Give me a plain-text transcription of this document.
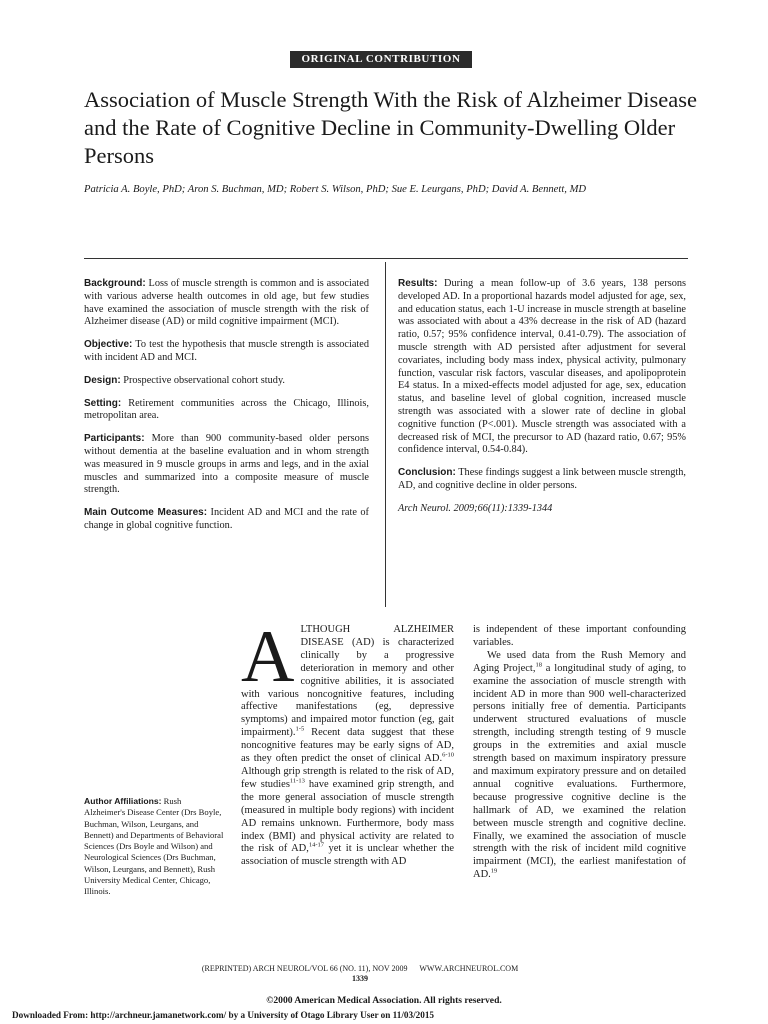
ORIGINAL CONTRIBUTION
Association of Muscle Strength With the Risk of Alzheimer Disease and the Rate of Cognitive Decline in Community-Dwelling Older Persons
Patricia A. Boyle, PhD; Aron S. Buchman, MD; Robert S. Wilson, PhD; Sue E. Leurgans, PhD; David A. Bennett, MD

Background: Loss of muscle strength is common and is associated with various adverse health outcomes in old age, but few studies have examined the association of muscle strength with the risk of Alzheimer disease (AD) or mild cognitive impairment (MCI).

Objective: To test the hypothesis that muscle strength is associated with incident AD and MCI.

Design: Prospective observational cohort study.

Setting: Retirement communities across the Chicago, Illinois, metropolitan area.

Participants: More than 900 community-based older persons without dementia at the baseline evaluation and in whom strength was measured in 9 muscle groups in arms and legs, and in the axial muscles and summarized into a composite measure of muscle strength.

Main Outcome Measures: Incident AD and MCI and the rate of change in global cognitive function.

Results: During a mean follow-up of 3.6 years, 138 persons developed AD. In a proportional hazards model adjusted for age, sex, and education status, each 1-U increase in muscle strength at baseline was associated with about a 43% decrease in the risk of AD (hazard ratio, 0.57; 95% confidence interval, 0.41-0.79). The association of muscle strength with AD persisted after adjustment for several covariates, including body mass index, physical activity, pulmonary function, vascular risk factors, vascular diseases, and apolipoprotein E4 status. In a mixed-effects model adjusted for age, sex, education status, and baseline level of global cognition, increased muscle strength was associated with a slower rate of decline in global cognitive function (P<.001). Muscle strength was associated with a decreased risk of MCI, the precursor to AD (hazard ratio, 0.67; 95% confidence interval, 0.54-0.84).

Conclusion: These findings suggest a link between muscle strength, AD, and cognitive decline in older persons.

Arch Neurol. 2009;66(11):1339-1344

Author Affiliations: Rush Alzheimer's Disease Center (Drs Boyle, Buchman, Wilson, Leurgans, and Bennett) and Departments of Behavioral Sciences (Drs Boyle and Wilson) and Neurological Sciences (Drs Buchman, Wilson, Leurgans, and Bennett), Rush University Medical Center, Chicago, Illinois.

ALTHOUGH ALZHEIMER DISEASE (AD) is characterized clinically by a progressive deterioration in memory and other cognitive abilities, it is associated with various noncognitive features, including affective manifestations (eg, depressive symptoms) and impaired motor function (eg, gait impairment).$^{1-5}$ Recent data suggest that these noncognitive features may be early signs of AD, as they often predict the onset of clinical AD.$^{6-10}$ Although grip strength is related to the risk of AD, few studies$^{11-13}$ have examined grip strength, and the more general association of muscle strength (measured in multiple body regions) with incident AD remains unknown. Furthermore, body mass index (BMI) and physical activity are related to the risk of AD,$^{14-17}$ yet it is unclear whether the association of muscle strength with AD

is independent of these important confounding variables.

We used data from the Rush Memory and Aging Project,$^{18}$ a longitudinal study of aging, to examine the association of muscle strength with incident AD in more than 900 well-characterized persons initially free of dementia. Participants underwent structured evaluations of muscle strength, including strength testing of 9 muscle groups in the extremities and axial muscle strength based on maximum inspiratory pressure and maximum expiratory pressure and on detailed annual cognitive evaluations. Furthermore, because progressive cognitive decline is the hallmark of AD, we examined the relation between muscle strength and cognitive decline. Finally, we examined the association of muscle strength with the risk of incident mild cognitive impairment (MCI), the earliest manifestation of AD.$^{19}$

(REPRINTED) ARCH NEUROL/VOL 66 (NO. 11), NOV 2009      WWW.ARCHNEUROL.COM
1339
©2000 American Medical Association. All rights reserved.
Downloaded From: http://archneur.jamanetwork.com/ by a University of Otago Library User on 11/03/2015
